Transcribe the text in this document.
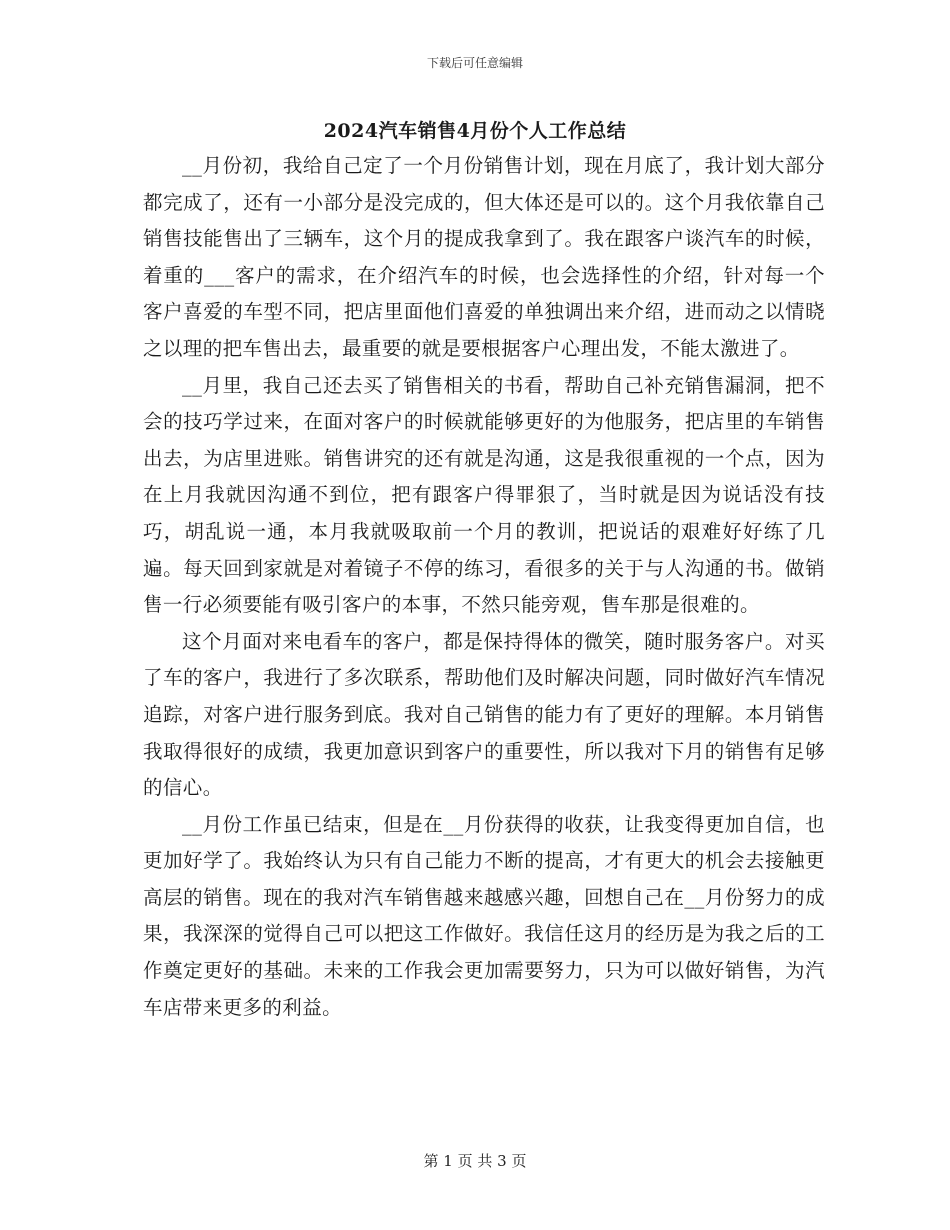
下载后可任意编辑
2024汽车销售4月份个人工作总结

__月份初，我给自己定了一个月份销售计划，现在月底了，我计划大部分都完成了，还有一小部分是没完成的，但大体还是可以的。这个月我依靠自己销售技能售出了三辆车，这个月的提成我拿到了。我在跟客户谈汽车的时候，着重的___客户的需求，在介绍汽车的时候，也会选择性的介绍，针对每一个客户喜爱的车型不同，把店里面他们喜爱的单独调出来介绍，进而动之以情晓之以理的把车售出去，最重要的就是要根据客户心理出发，不能太激进了。

__月里，我自己还去买了销售相关的书看，帮助自己补充销售漏洞，把不会的技巧学过来，在面对客户的时候就能够更好的为他服务，把店里的车销售出去，为店里进账。销售讲究的还有就是沟通，这是我很重视的一个点，因为在上月我就因沟通不到位，把有跟客户得罪狠了，当时就是因为说话没有技巧，胡乱说一通，本月我就吸取前一个月的教训，把说话的艰难好好练了几遍。每天回到家就是对着镜子不停的练习，看很多的关于与人沟通的书。做销售一行必须要能有吸引客户的本事，不然只能旁观，售车那是很难的。

这个月面对来电看车的客户，都是保持得体的微笑，随时服务客户。对买了车的客户，我进行了多次联系，帮助他们及时解决问题，同时做好汽车情况追踪，对客户进行服务到底。我对自己销售的能力有了更好的理解。本月销售我取得很好的成绩，我更加意识到客户的重要性，所以我对下月的销售有足够的信心。

__月份工作虽已结束，但是在__月份获得的收获，让我变得更加自信，也更加好学了。我始终认为只有自己能力不断的提高，才有更大的机会去接触更高层的销售。现在的我对汽车销售越来越感兴趣，回想自己在__月份努力的成果，我深深的觉得自己可以把这工作做好。我信任这月的经历是为我之后的工作奠定更好的基础。未来的工作我会更加需要努力，只为可以做好销售，为汽车店带来更多的利益。

第 1 页 共 3 页
